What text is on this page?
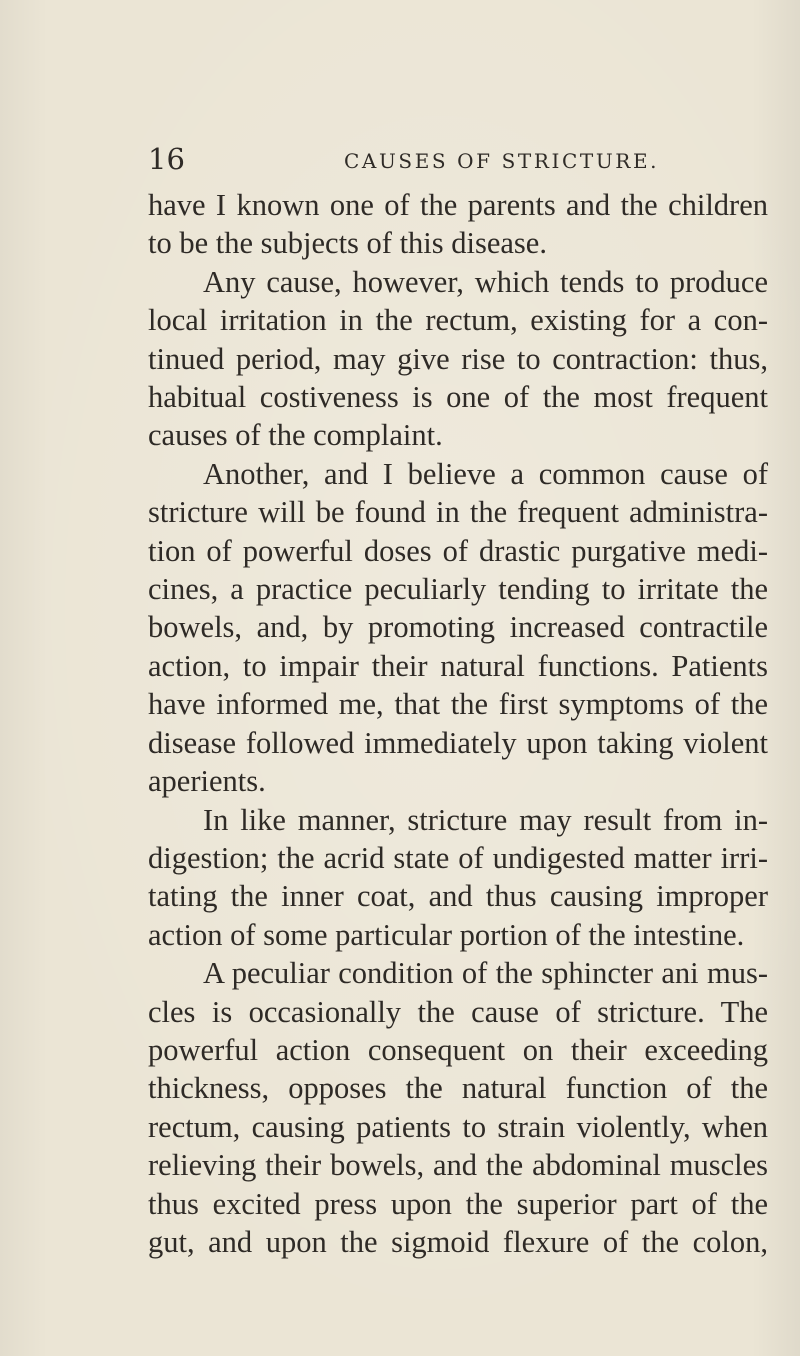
16	CAUSES OF STRICTURE.

have I known one of the parents and the children
to be the subjects of this disease.

Any cause, however, which tends to produce
local irritation in the rectum, existing for a con-
tinued period, may give rise to contraction: thus,
habitual costiveness is one of the most frequent
causes of the complaint.

Another, and I believe a common cause of
stricture will be found in the frequent administra-
tion of powerful doses of drastic purgative medi-
cines, a practice peculiarly tending to irritate the
bowels, and, by promoting increased contractile
action, to impair their natural functions. Patients
have informed me, that the first symptoms of the
disease followed immediately upon taking violent
aperients.

In like manner, stricture may result from in-
digestion; the acrid state of undigested matter irri-
tating the inner coat, and thus causing improper
action of some particular portion of the intestine.

A peculiar condition of the sphincter ani mus-
cles is occasionally the cause of stricture. The
powerful action consequent on their exceeding
thickness, opposes the natural function of the
rectum, causing patients to strain violently, when
relieving their bowels, and the abdominal muscles
thus excited press upon the superior part of the
gut, and upon the sigmoid flexure of the colon,
